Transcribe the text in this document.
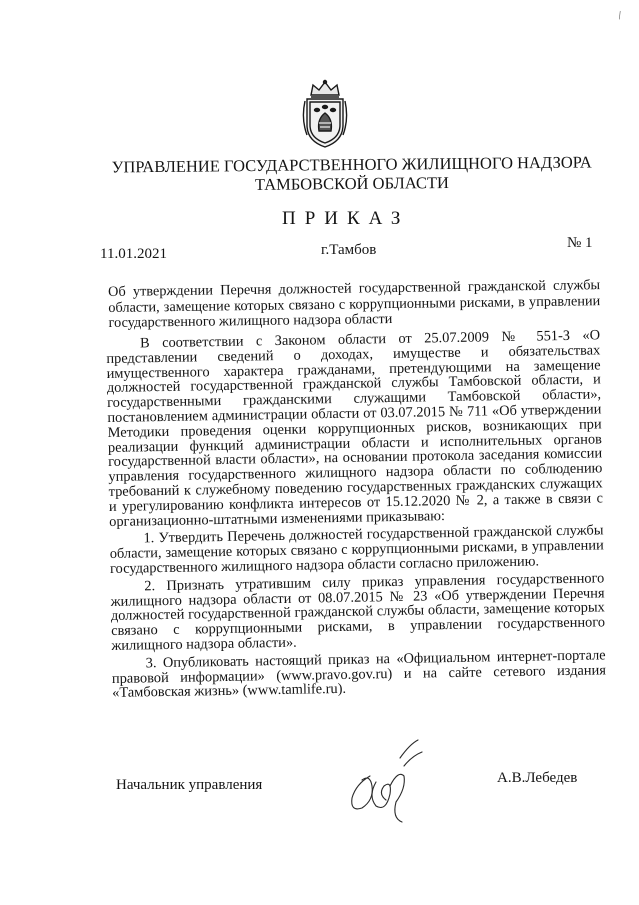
\
УПРАВЛЕНИЕ ГОСУДАРСТВЕННОГО ЖИЛИЩНОГО НАДЗОРА
ТАМБОВСКОЙ ОБЛАСТИ
ПРИКАЗ
11.01.2021	г.Тамбов	№ 1
Об утверждении Перечня должностей государственной гражданской службы области, замещение которых связано с коррупционными рисками, в управлении государственного жилищного надзора области

В соответствии с Законом области от 25.07.2009 № 551-З «О представлении сведений о доходах, имуществе и обязательствах имущественного характера гражданами, претендующими на замещение должностей государственной гражданской службы Тамбовской области, и государственными гражданскими служащими Тамбовской области», постановлением администрации области от 03.07.2015 № 711 «Об утверждении Методики проведения оценки коррупционных рисков, возникающих при реализации функций администрации области и исполнительных органов государственной власти области», на основании протокола заседания комиссии управления государственного жилищного надзора области по соблюдению требований к служебному поведению государственных гражданских служащих и урегулированию конфликта интересов от 15.12.2020 № 2, а также в связи с организационно-штатными изменениями приказываю:

1. Утвердить Перечень должностей государственной гражданской службы области, замещение которых связано с коррупционными рисками, в управлении государственного жилищного надзора области согласно приложению.

2. Признать утратившим силу приказ управления государственного жилищного надзора области от 08.07.2015 № 23 «Об утверждении Перечня должностей государственной гражданской службы области, замещение которых связано с коррупционными рисками, в управлении государственного жилищного надзора области».

3. Опубликовать настоящий приказ на «Официальном интернет-портале правовой информации» (www.pravo.gov.ru) и на сайте сетевого издания «Тамбовская жизнь» (www.tamlife.ru).

Начальник управления	А.В.Лебедев
